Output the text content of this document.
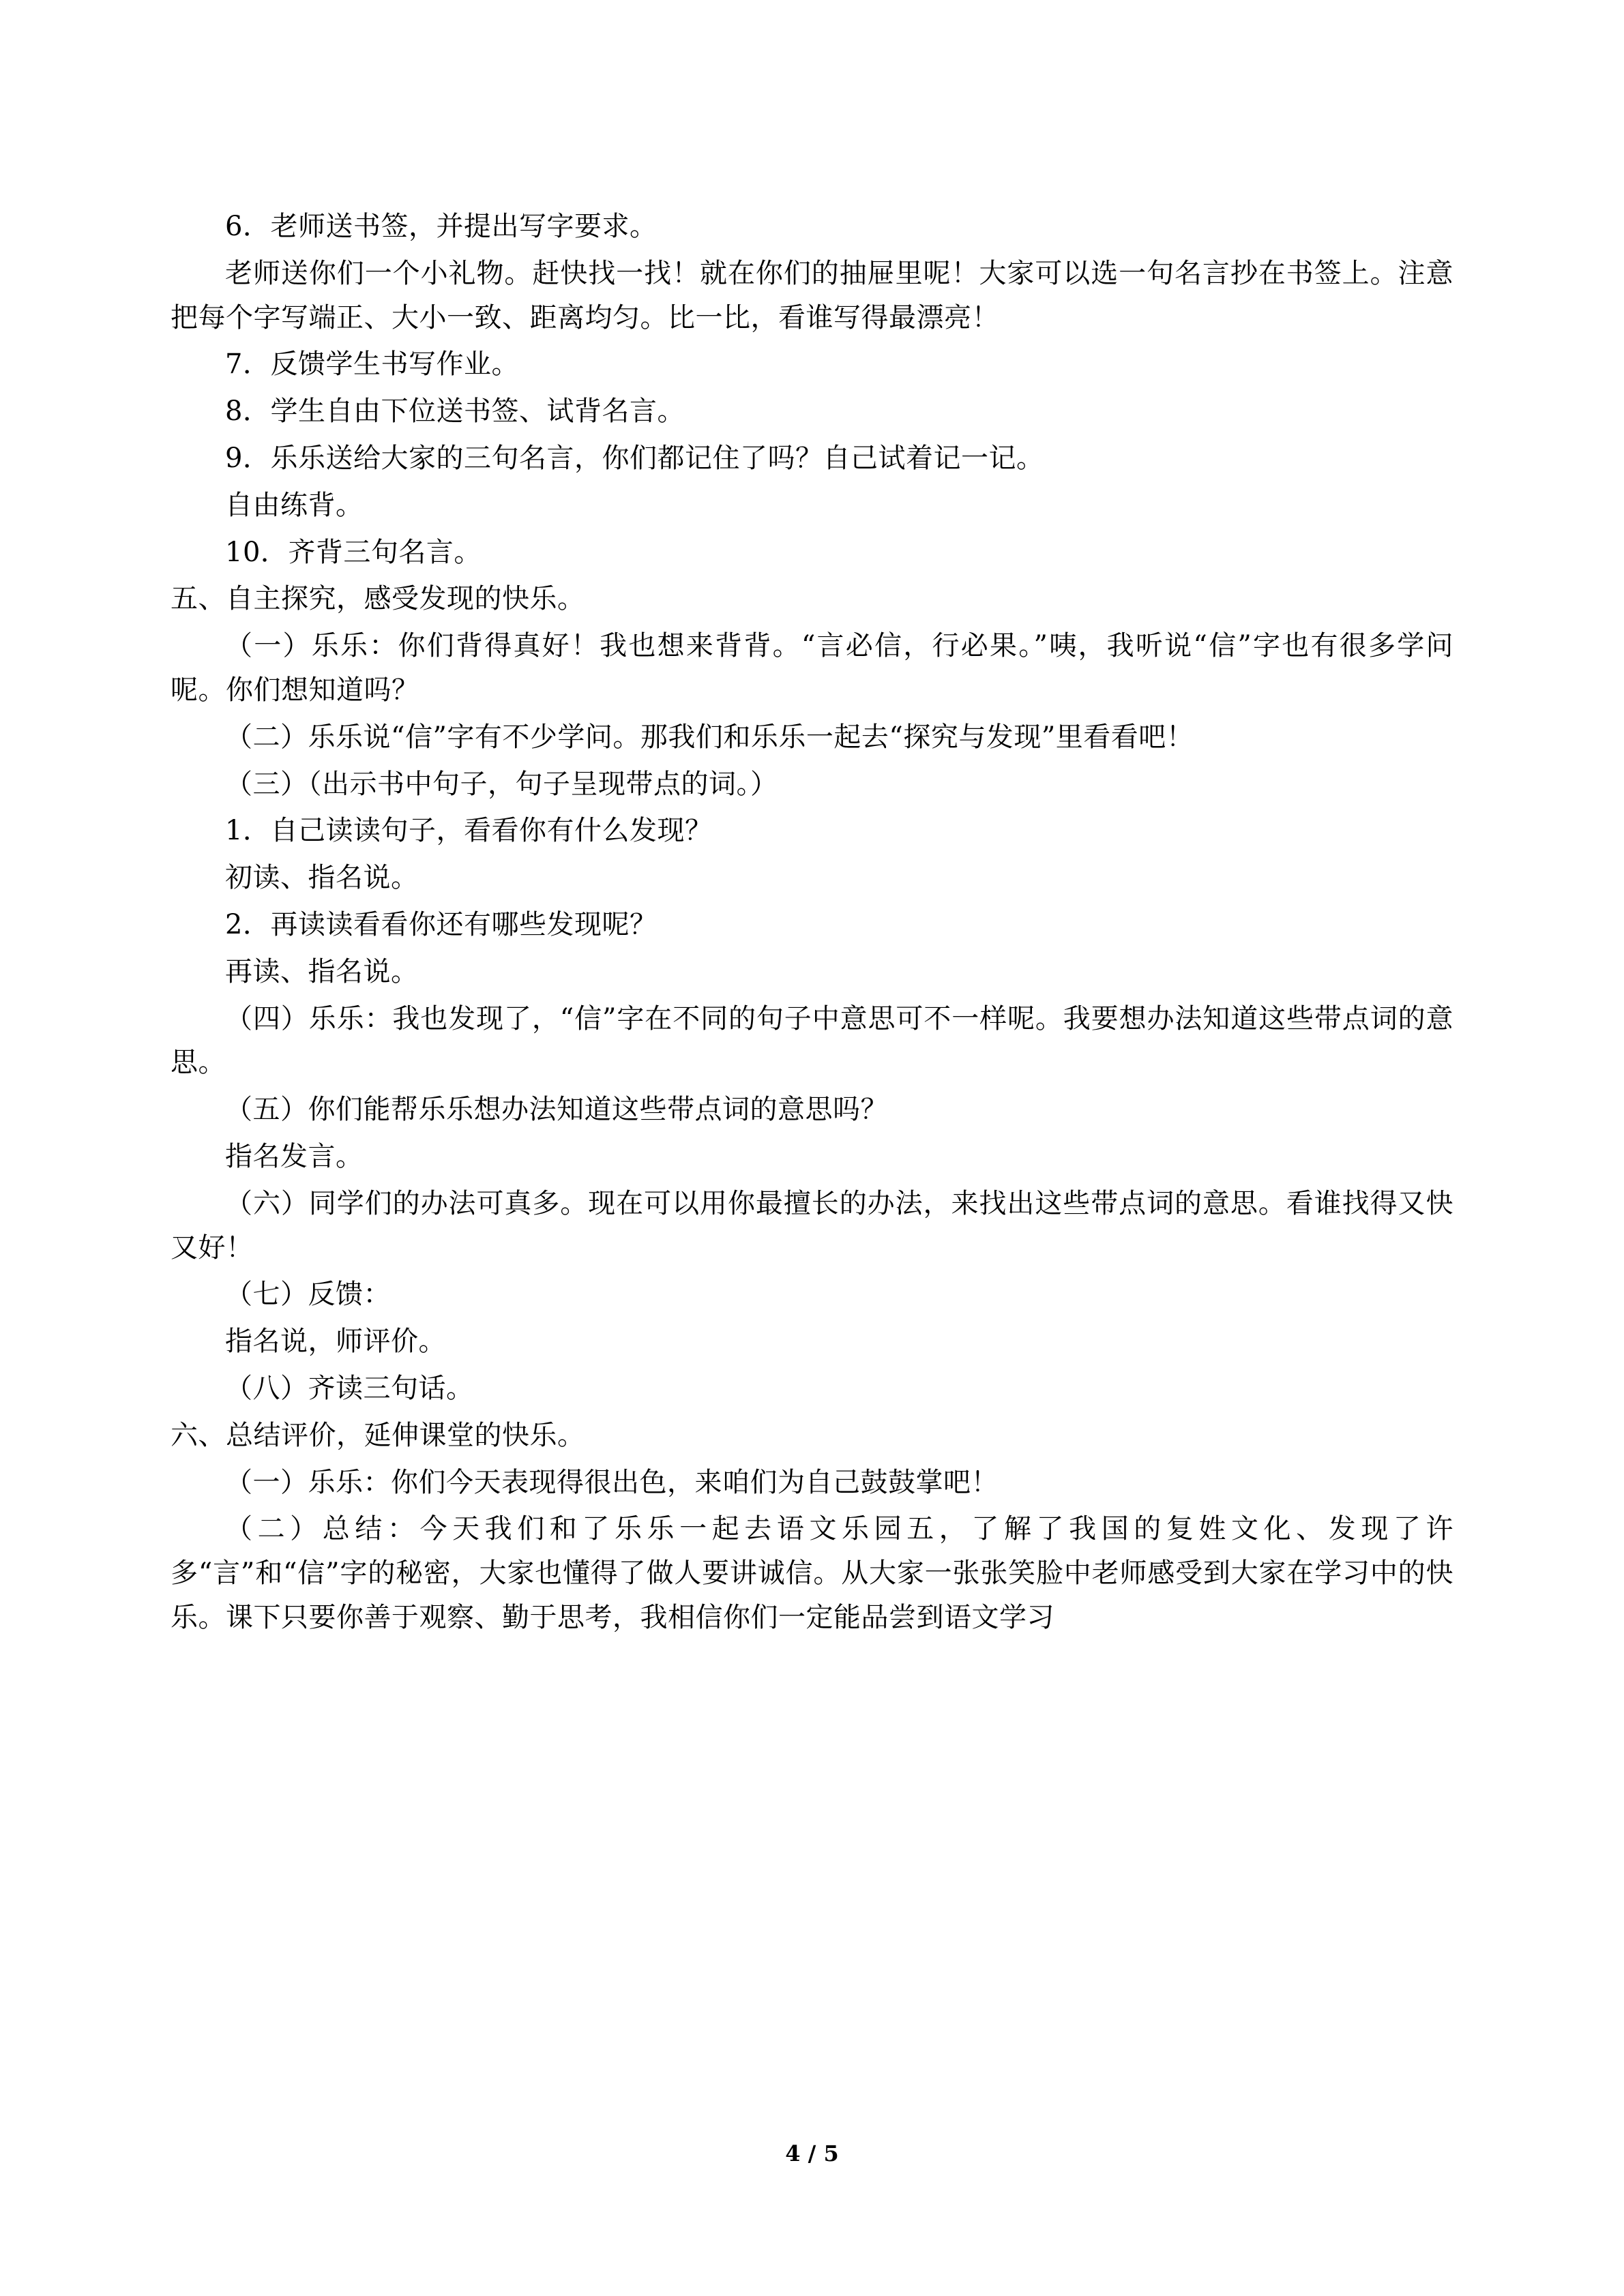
6．老师送书签，并提出写字要求。

老师送你们一个小礼物。赶快找一找！就在你们的抽屉里呢！大家可以选一句名言抄在书签上。注意把每个字写端正、大小一致、距离均匀。比一比，看谁写得最漂亮！

7．反馈学生书写作业。

8．学生自由下位送书签、试背名言。

9．乐乐送给大家的三句名言，你们都记住了吗？自己试着记一记。

自由练背。

10．齐背三句名言。

五、自主探究，感受发现的快乐。

（一）乐乐：你们背得真好！我也想来背背。“言必信，行必果。”咦，我听说“信”字也有很多学问呢。你们想知道吗？

（二）乐乐说“信”字有不少学问。那我们和乐乐一起去“探究与发现”里看看吧！

（三）（出示书中句子，句子呈现带点的词。）

1．自己读读句子，看看你有什么发现？

初读、指名说。

2．再读读看看你还有哪些发现呢？

再读、指名说。

（四）乐乐：我也发现了，“信”字在不同的句子中意思可不一样呢。我要想办法知道这些带点词的意思。

（五）你们能帮乐乐想办法知道这些带点词的意思吗？

指名发言。

（六）同学们的办法可真多。现在可以用你最擅长的办法，来找出这些带点词的意思。看谁找得又快又好！

（七）反馈：

指名说，师评价。

（八）齐读三句话。

六、总结评价，延伸课堂的快乐。

（一）乐乐：你们今天表现得很出色，来咱们为自己鼓鼓掌吧！

（二）总结：今天我们和了乐乐一起去语文乐园五，了解了我国的复姓文化、发现了许多“言”和“信”字的秘密，大家也懂得了做人要讲诚信。从大家一张张笑脸中老师感受到大家在学习中的快乐。课下只要你善于观察、勤于思考，我相信你们一定能品尝到语文学习

4 / 5
